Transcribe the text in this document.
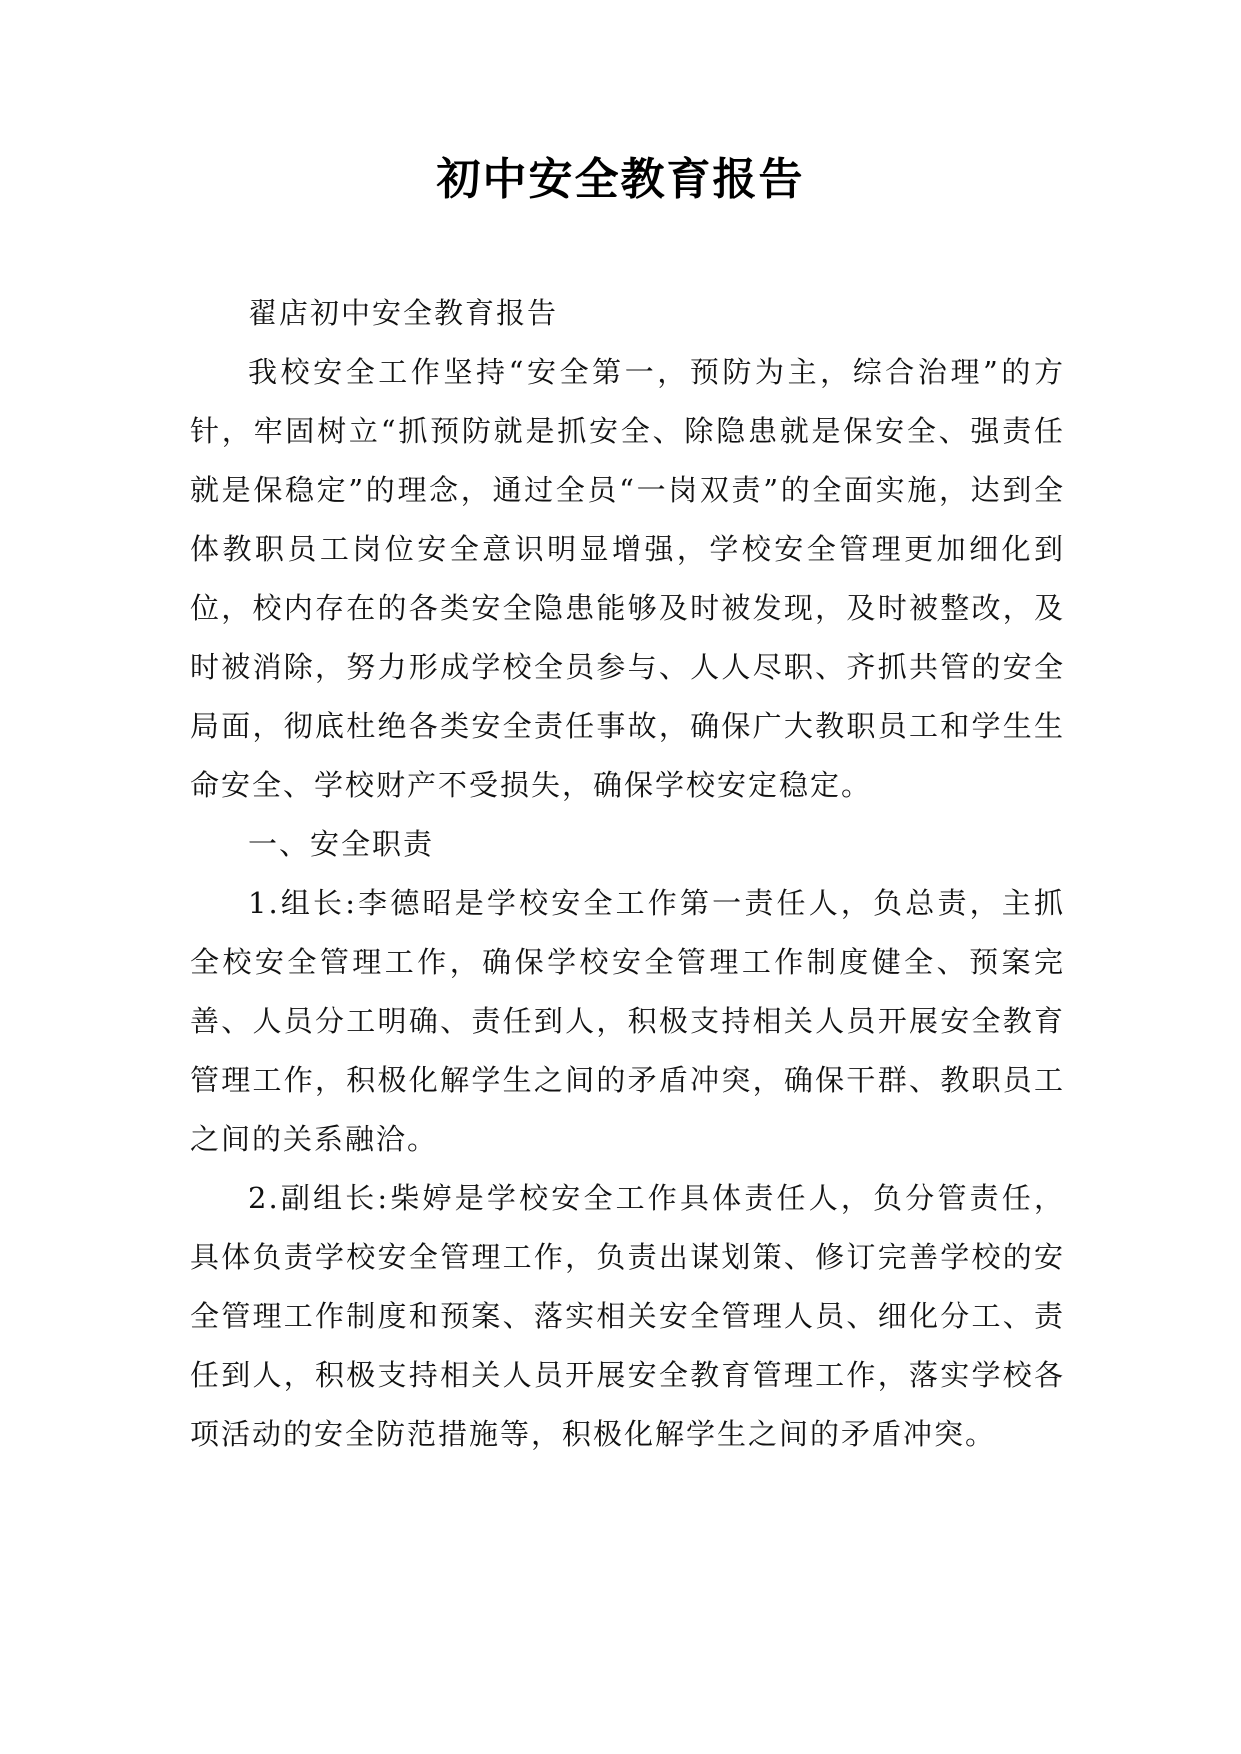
初中安全教育报告

翟店初中安全教育报告

我校安全工作坚持“安全第一，预防为主，综合治理”的方针，牢固树立“抓预防就是抓安全、除隐患就是保安全、强责任就是保稳定”的理念，通过全员“一岗双责”的全面实施，达到全体教职员工岗位安全意识明显增强，学校安全管理更加细化到位，校内存在的各类安全隐患能够及时被发现，及时被整改，及时被消除，努力形成学校全员参与、人人尽职、齐抓共管的安全局面，彻底杜绝各类安全责任事故，确保广大教职员工和学生生命安全、学校财产不受损失，确保学校安定稳定。

一、安全职责

1.组长:李德昭是学校安全工作第一责任人，负总责，主抓全校安全管理工作，确保学校安全管理工作制度健全、预案完善、人员分工明确、责任到人，积极支持相关人员开展安全教育管理工作，积极化解学生之间的矛盾冲突，确保干群、教职员工之间的关系融洽。

2.副组长:柴婷是学校安全工作具体责任人，负分管责任，具体负责学校安全管理工作，负责出谋划策、修订完善学校的安全管理工作制度和预案、落实相关安全管理人员、细化分工、责任到人，积极支持相关人员开展安全教育管理工作，落实学校各项活动的安全防范措施等，积极化解学生之间的矛盾冲突。
